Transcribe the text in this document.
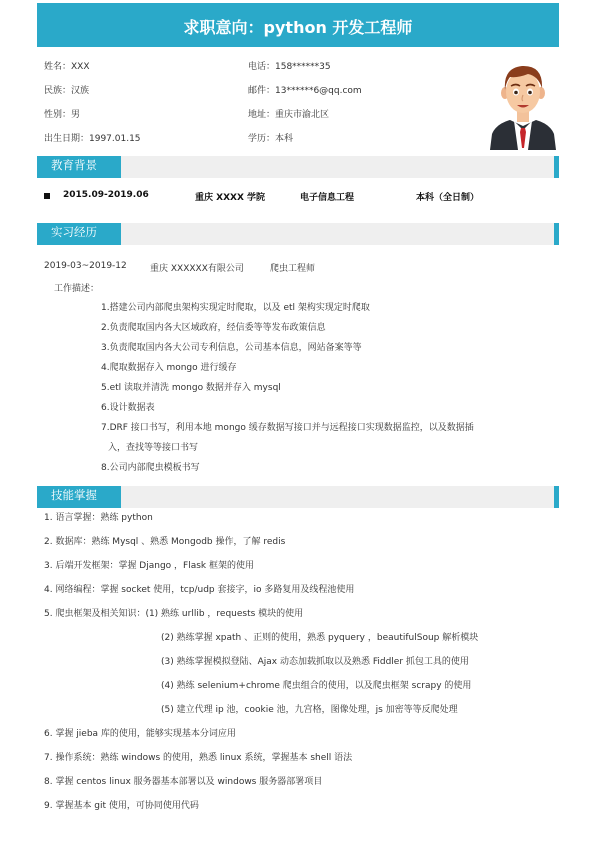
求职意向：python 开发工程师
姓名：XXX	电话：158******35
民族：汉族	邮件：13******6@qq.com
性别：男	地址：重庆市渝北区
出生日期：1997.01.15	学历：本科
教育背景
2015.09-2019.06	重庆 XXXX 学院	电子信息工程	本科（全日制）
实习经历
2019-03~2019-12	重庆 XXXXXX有限公司	爬虫工程师
工作描述：
1.搭建公司内部爬虫架构实现定时爬取，以及 etl 架构实现定时爬取
2.负责爬取国内各大区域政府，经信委等等发布政策信息
3.负责爬取国内各大公司专利信息，公司基本信息，网站备案等等
4.爬取数据存入 mongo 进行缓存
5.etl 读取并清洗 mongo 数据并存入 mysql
6.设计数据表
7.DRF 接口书写，利用本地 mongo 缓存数据写接口并与远程接口实现数据监控，以及数据插
入，查找等等接口书写
8.公司内部爬虫模板书写
技能掌握
1. 语言掌握：熟练 python
2. 数据库：熟练 Mysql 、熟悉 Mongodb 操作，了解 redis
3. 后端开发框架：掌握 Django ，Flask 框架的使用
4. 网络编程：掌握 socket 使用，tcp/udp 套接字，io 多路复用及线程池使用
5. 爬虫框架及相关知识：(1) 熟练 urllib ，requests 模块的使用
(2) 熟练掌握 xpath 、正则的使用，熟悉 pyquery ，beautifulSoup 解析模块
(3) 熟练掌握模拟登陆、Ajax 动态加载抓取以及熟悉 Fiddler 抓包工具的使用
(4) 熟练 selenium+chrome 爬虫组合的使用，以及爬虫框架 scrapy 的使用
(5) 建立代理 ip 池，cookie 池，九宫格，图像处理，js 加密等等反爬处理
6. 掌握 jieba 库的使用，能够实现基本分词应用
7. 操作系统：熟练 windows 的使用，熟悉 linux 系统，掌握基本 shell 语法
8. 掌握 centos linux 服务器基本部署以及 windows 服务器部署项目
9. 掌握基本 git 使用，可协同使用代码
